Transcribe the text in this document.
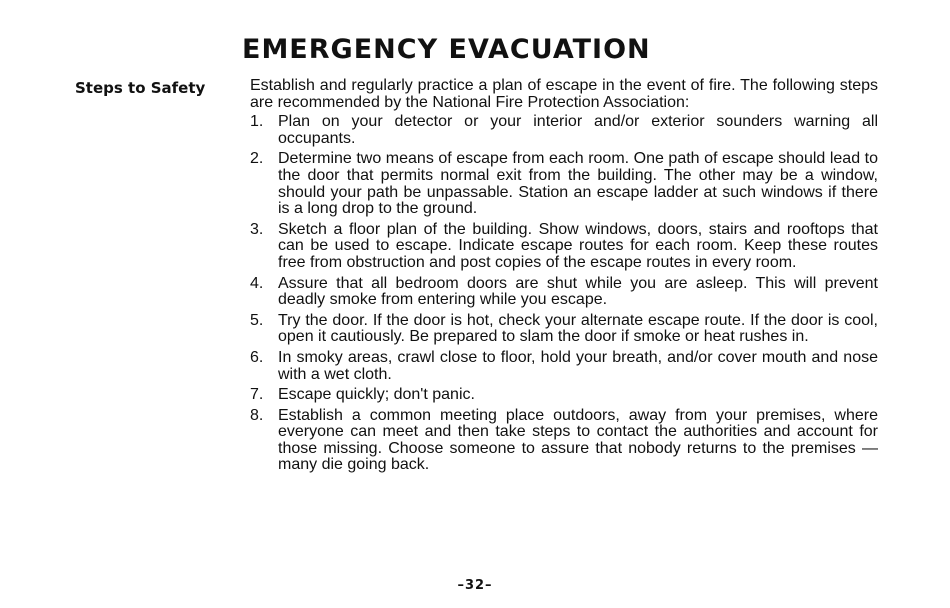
EMERGENCY EVACUATION
Steps to Safety	Establish and regularly practice a plan of escape in the event of fire. The following steps are recommended by the National Fire Protection Association:

1. Plan on your detector or your interior and/or exterior sounders warning all occupants.
2. Determine two means of escape from each room. One path of escape should lead to the door that permits normal exit from the building. The other may be a window, should your path be unpassable. Station an escape ladder at such windows if there is a long drop to the ground.
3. Sketch a floor plan of the building. Show windows, doors, stairs and rooftops that can be used to escape. Indicate escape routes for each room. Keep these routes free from obstruction and post copies of the escape routes in every room.
4. Assure that all bedroom doors are shut while you are asleep. This will prevent deadly smoke from entering while you escape.
5. Try the door. If the door is hot, check your alternate escape route. If the door is cool, open it cautiously. Be prepared to slam the door if smoke or heat rushes in.
6. In smoky areas, crawl close to floor, hold your breath, and/or cover mouth and nose with a wet cloth.
7. Escape quickly; don't panic.
8. Establish a common meeting place outdoors, away from your premises, where everyone can meet and then take steps to contact the authorities and account for those missing. Choose someone to assure that nobody returns to the premises — many die going back.
–32–
